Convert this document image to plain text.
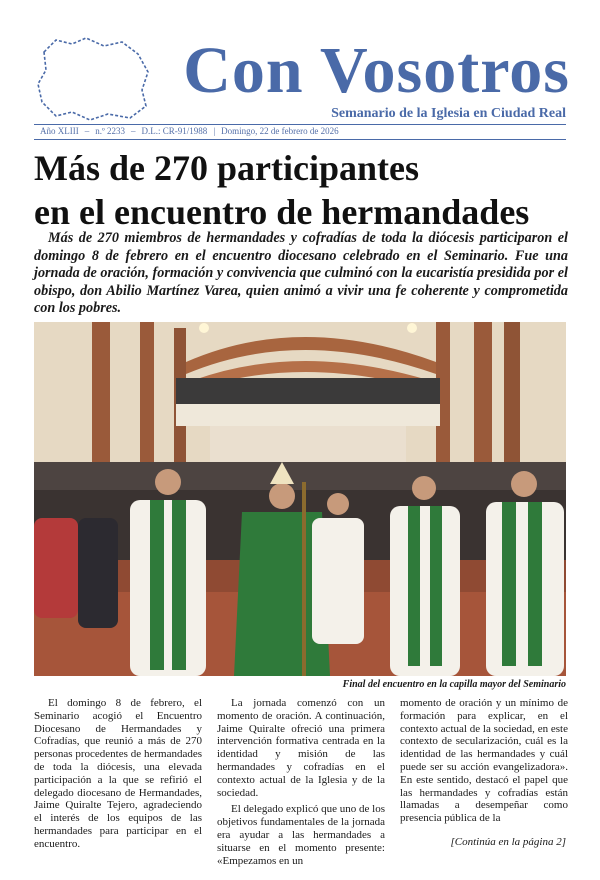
Con Vosotros
Semanario de la Iglesia en Ciudad Real
Año XLIII – n.º 2233 – D.L.: CR-91/1988 | Domingo, 22 de febrero de 2026
Más de 270 participantes
en el encuentro de hermandades
Más de 270 miembros de hermandades y cofradías de toda la diócesis participaron el domingo 8 de febrero en el encuentro diocesano celebrado en el Seminario. Fue una jornada de oración, formación y convivencia que culminó con la eucaristía presidida por el obispo, don Abilio Martínez Varea, quien animó a vivir una fe coherente y comprometida con los pobres.
Final del encuentro en la capilla mayor del Seminario

El domingo 8 de febrero, el Seminario acogió el Encuentro Diocesano de Hermandades y Cofradías, que reunió a más de 270 personas procedentes de hermandades de toda la diócesis, una elevada participación a la que se refirió el delegado diocesano de Hermandades, Jaime Quiralte Tejero, agradeciendo el interés de los equipos de las hermandades para participar en el encuentro.

La jornada comenzó con un momento de oración. A continuación, Jaime Quiralte ofreció una primera intervención formativa centrada en la identidad y misión de las hermandades y cofradías en el contexto actual de la Iglesia y de la sociedad.

El delegado explicó que uno de los objetivos fundamentales de la jornada era ayudar a las hermandades a situarse en el momento presente: «Empezamos en un

momento de oración y un mínimo de formación para explicar, en el contexto actual de la sociedad, en este contexto de secularización, cuál es la identidad de las hermandades y cuál puede ser su acción evangelizadora». En este sentido, destacó el papel que las hermandades y cofradías están llamadas a desempeñar como presencia pública de la

[Continúa en la página 2]
